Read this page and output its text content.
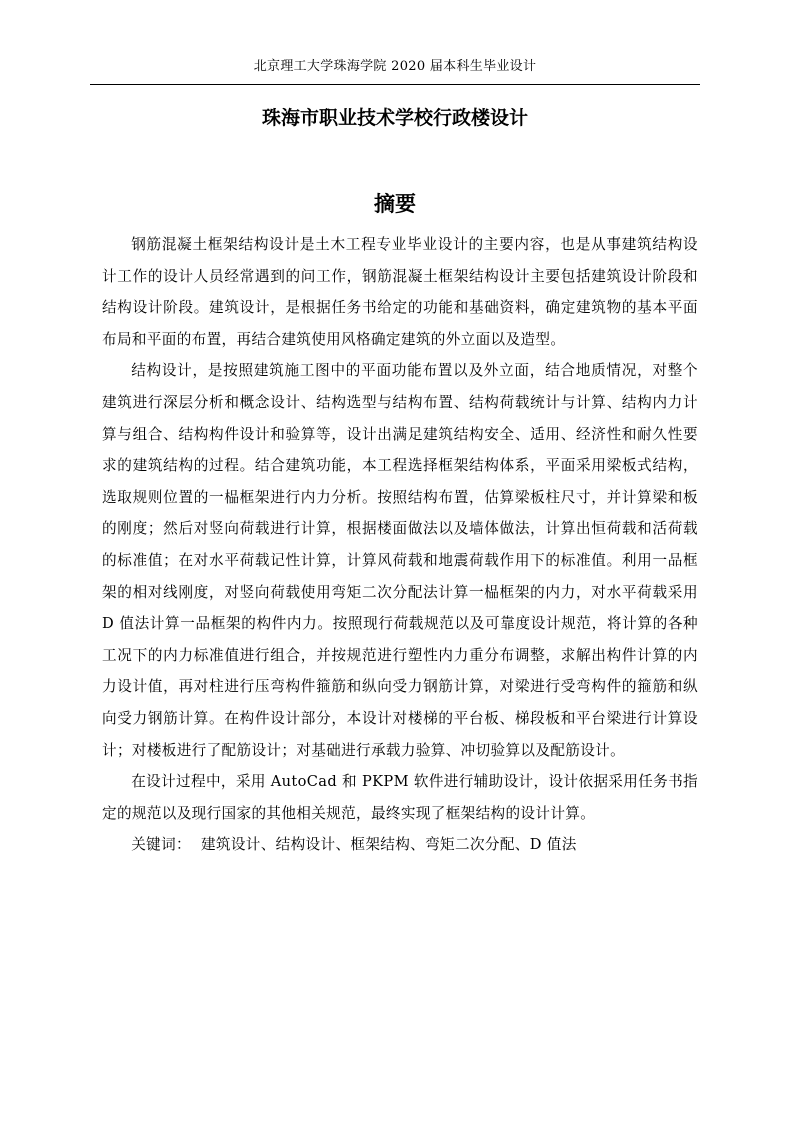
北京理工大学珠海学院 2020 届本科生毕业设计
珠海市职业技术学校行政楼设计
摘要

钢筋混凝土框架结构设计是土木工程专业毕业设计的主要内容，也是从事建筑结构设计工作的设计人员经常遇到的问工作，钢筋混凝土框架结构设计主要包括建筑设计阶段和结构设计阶段。建筑设计，是根据任务书给定的功能和基础资料，确定建筑物的基本平面布局和平面的布置，再结合建筑使用风格确定建筑的外立面以及造型。

结构设计，是按照建筑施工图中的平面功能布置以及外立面，结合地质情况，对整个建筑进行深层分析和概念设计、结构选型与结构布置、结构荷载统计与计算、结构内力计算与组合、结构构件设计和验算等，设计出满足建筑结构安全、适用、经济性和耐久性要求的建筑结构的过程。结合建筑功能，本工程选择框架结构体系，平面采用梁板式结构，选取规则位置的一榀框架进行内力分析。按照结构布置，估算梁板柱尺寸，并计算梁和板的刚度；然后对竖向荷载进行计算，根据楼面做法以及墙体做法，计算出恒荷载和活荷载的标准值；在对水平荷载记性计算，计算风荷载和地震荷载作用下的标准值。利用一品框架的相对线刚度，对竖向荷载使用弯矩二次分配法计算一榀框架的内力，对水平荷载采用 D 值法计算一品框架的构件内力。按照现行荷载规范以及可靠度设计规范，将计算的各种工况下的内力标准值进行组合，并按规范进行塑性内力重分布调整，求解出构件计算的内力设计值，再对柱进行压弯构件箍筋和纵向受力钢筋计算，对梁进行受弯构件的箍筋和纵向受力钢筋计算。在构件设计部分，本设计对楼梯的平台板、梯段板和平台梁进行计算设计；对楼板进行了配筋设计；对基础进行承载力验算、冲切验算以及配筋设计。

在设计过程中，采用 AutoCad 和 PKPM 软件进行辅助设计，设计依据采用任务书指定的规范以及现行国家的其他相关规范，最终实现了框架结构的设计计算。

关键词： 建筑设计、结构设计、框架结构、弯矩二次分配、D 值法
